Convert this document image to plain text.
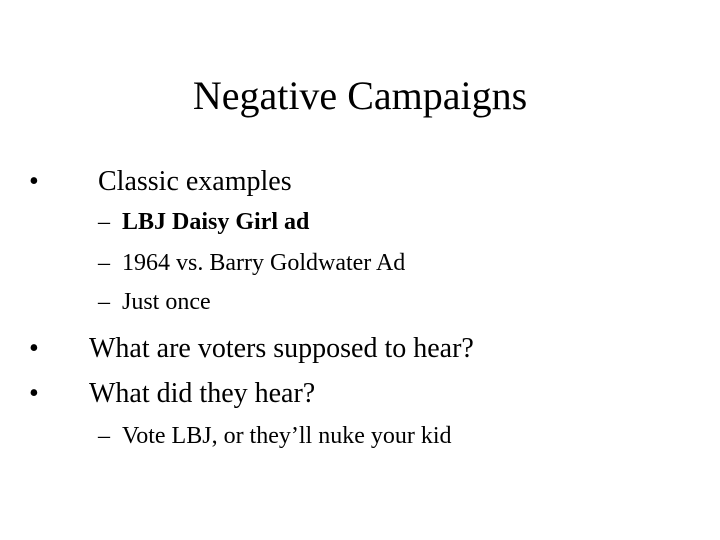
Negative Campaigns
• Classic examples
– LBJ Daisy Girl ad
– 1964 vs. Barry Goldwater Ad
– Just once
• What are voters supposed to hear?
• What did they hear?
– Vote LBJ, or they’ll nuke your kid
